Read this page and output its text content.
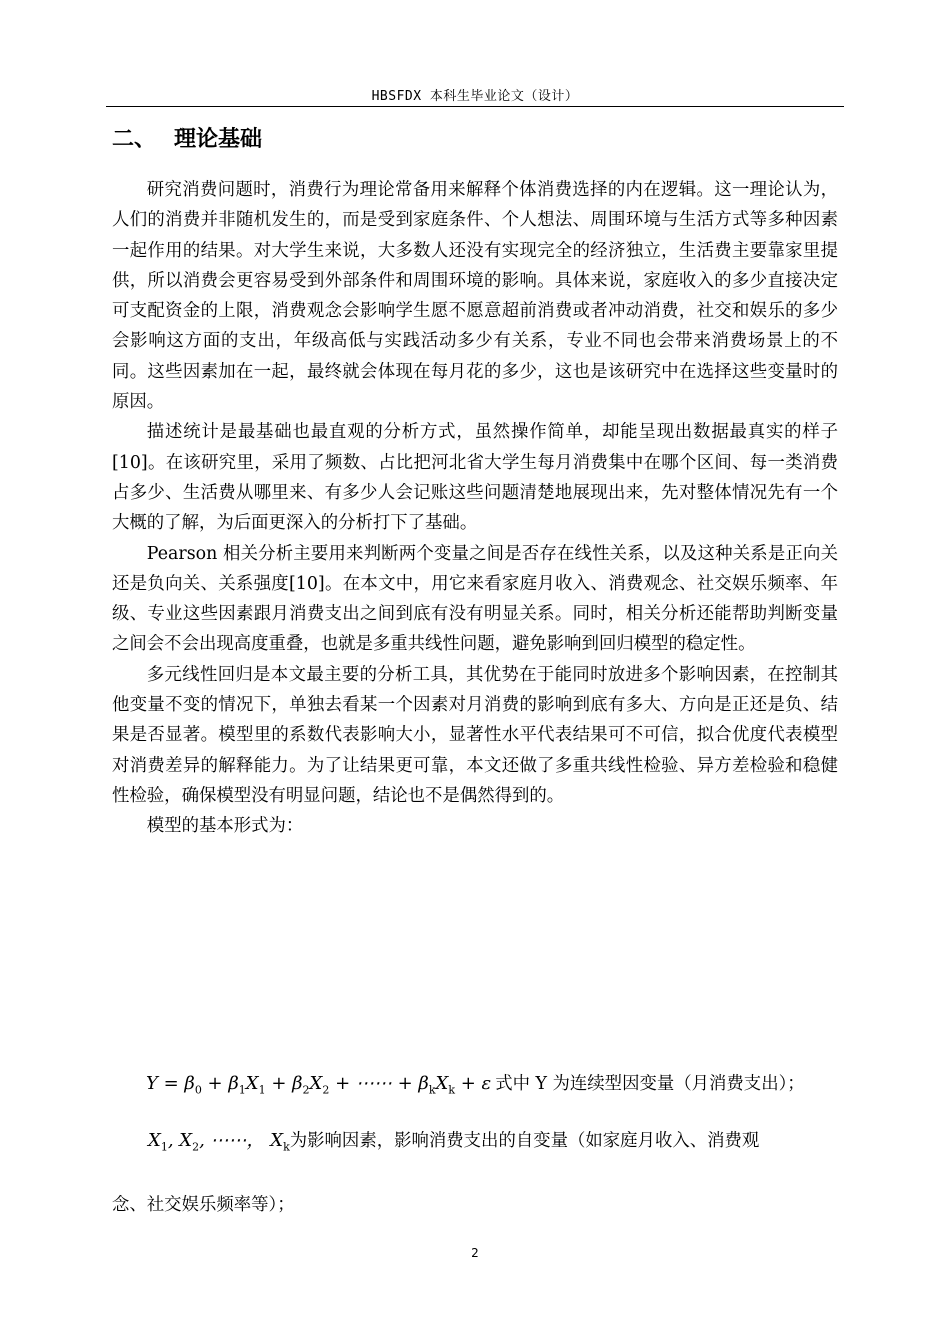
HBSFDX 本科生毕业论文（设计）
二、 理论基础

研究消费问题时，消费行为理论常备用来解释个体消费选择的内在逻辑。这一理论认为，人们的消费并非随机发生的，而是受到家庭条件、个人想法、周围环境与生活方式等多种因素一起作用的结果。对大学生来说，大多数人还没有实现完全的经济独立，生活费主要靠家里提供，所以消费会更容易受到外部条件和周围环境的影响。具体来说，家庭收入的多少直接决定可支配资金的上限，消费观念会影响学生愿不愿意超前消费或者冲动消费，社交和娱乐的多少会影响这方面的支出，年级高低与实践活动多少有关系，专业不同也会带来消费场景上的不同。这些因素加在一起，最终就会体现在每月花的多少，这也是该研究中在选择这些变量时的原因。

描述统计是最基础也最直观的分析方式，虽然操作简单，却能呈现出数据最真实的样子[10]。在该研究里，采用了频数、占比把河北省大学生每月消费集中在哪个区间、每一类消费占多少、生活费从哪里来、有多少人会记账这些问题清楚地展现出来，先对整体情况先有一个大概的了解，为后面更深入的分析打下了基础。

Pearson 相关分析主要用来判断两个变量之间是否存在线性关系，以及这种关系是正向关还是负向关、关系强度[10]。在本文中，用它来看家庭月收入、消费观念、社交娱乐频率、年级、专业这些因素跟月消费支出之间到底有没有明显关系。同时，相关分析还能帮助判断变量之间会不会出现高度重叠，也就是多重共线性问题，避免影响到回归模型的稳定性。

多元线性回归是本文最主要的分析工具，其优势在于能同时放进多个影响因素，在控制其他变量不变的情况下，单独去看某一个因素对月消费的影响到底有多大、方向是正还是负、结果是否显著。模型里的系数代表影响大小，显著性水平代表结果可不可信，拟合优度代表模型对消费差异的解释能力。为了让结果更可靠，本文还做了多重共线性检验、异方差检验和稳健性检验，确保模型没有明显问题，结论也不是偶然得到的。

模型的基本形式为：

$Y = \beta_0 + \beta_1X_1 + \beta_2X_2$ + ⋯⋯ + $\beta_kX_k + \varepsilon$ 式中 Y 为连续型因变量（月消费支出）；
$X_1$, $X_2$, ⋯⋯， $X_k$为影响因素，影响消费支出的自变量（如家庭月收入、消费观
念、社交娱乐频率等）；
2
